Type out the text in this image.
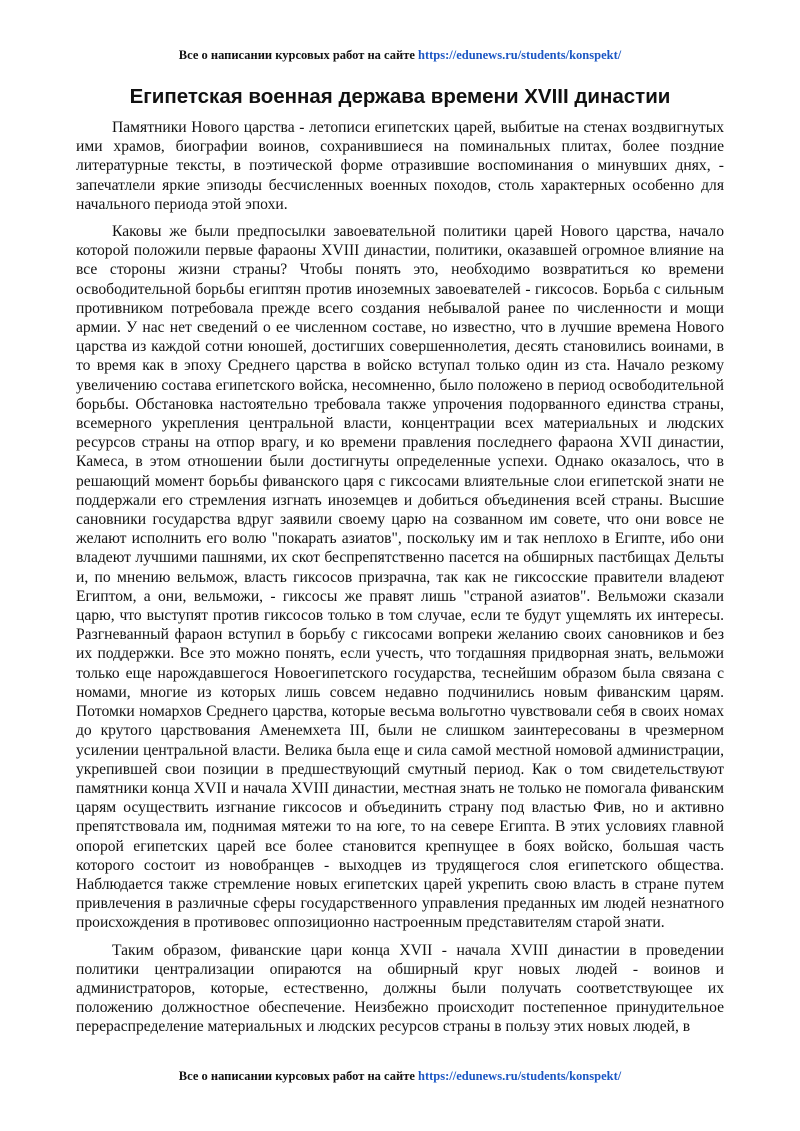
Все о написании курсовых работ на сайте https://edunews.ru/students/konspekt/
Египетская военная держава времени XVIII династии

Памятники Нового царства - летописи египетских царей, выбитые на стенах воздвигнутых ими храмов, биографии воинов, сохранившиеся на поминальных плитах, более поздние литературные тексты, в поэтической форме отразившие воспоминания о минувших днях, - запечатлели яркие эпизоды бесчисленных военных походов, столь характерных особенно для начального периода этой эпохи.

Каковы же были предпосылки завоевательной политики царей Нового царства, начало которой положили первые фараоны XVIII династии, политики, оказавшей огромное влияние на все стороны жизни страны? Чтобы понять это, необходимо возвратиться ко времени освободительной борьбы египтян против иноземных завоевателей - гиксосов. Борьба с сильным противником потребовала прежде всего создания небывалой ранее по численности и мощи армии. У нас нет сведений о ее численном составе, но известно, что в лучшие времена Нового царства из каждой сотни юношей, достигших совершеннолетия, десять становились воинами, в то время как в эпоху Среднего царства в войско вступал только один из ста. Начало резкому увеличению состава египетского войска, несомненно, было положено в период освободительной борьбы. Обстановка настоятельно требовала также упрочения подорванного единства страны, всемерного укрепления центральной власти, концентрации всех материальных и людских ресурсов страны на отпор врагу, и ко времени правления последнего фараона XVII династии, Камеса, в этом отношении были достигнуты определенные успехи. Однако оказалось, что в решающий момент борьбы фиванского царя с гиксосами влиятельные слои египетской знати не поддержали его стремления изгнать иноземцев и добиться объединения всей страны. Высшие сановники государства вдруг заявили своему царю на созванном им совете, что они вовсе не желают исполнить его волю "покарать азиатов", поскольку им и так неплохо в Египте, ибо они владеют лучшими пашнями, их скот беспрепятственно пасется на обширных пастбищах Дельты и, по мнению вельмож, власть гиксосов призрачна, так как не гиксосские правители владеют Египтом, а они, вельможи, - гиксосы же правят лишь "страной азиатов". Вельможи сказали царю, что выступят против гиксосов только в том случае, если те будут ущемлять их интересы. Разгневанный фараон вступил в борьбу с гиксосами вопреки желанию своих сановников и без их поддержки. Все это можно понять, если учесть, что тогдашняя придворная знать, вельможи только еще нарождавшегося Новоегипетского государства, теснейшим образом была связана с номами, многие из которых лишь совсем недавно подчинились новым фиванским царям. Потомки номархов Среднего царства, которые весьма вольготно чувствовали себя в своих номах до крутого царствования Аменемхета III, были не слишком заинтересованы в чрезмерном усилении центральной власти. Велика была еще и сила самой местной номовой администрации, укрепившей свои позиции в предшествующий смутный период. Как о том свидетельствуют памятники конца XVII и начала XVIII династии, местная знать не только не помогала фиванским царям осуществить изгнание гиксосов и объединить страну под властью Фив, но и активно препятствовала им, поднимая мятежи то на юге, то на севере Египта. В этих условиях главной опорой египетских царей все более становится крепнущее в боях войско, большая часть которого состоит из новобранцев - выходцев из трудящегося слоя египетского общества. Наблюдается также стремление новых египетских царей укрепить свою власть в стране путем привлечения в различные сферы государственного управления преданных им людей незнатного происхождения в противовес оппозиционно настроенным представителям старой знати.

Таким образом, фиванские цари конца XVII - начала XVIII династии в проведении политики централизации опираются на обширный круг новых людей - воинов и администраторов, которые, естественно, должны были получать соответствующее их положению должностное обеспечение. Неизбежно происходит постепенное принудительное перераспределение материальных и людских ресурсов страны в пользу этих новых людей, в

Все о написании курсовых работ на сайте https://edunews.ru/students/konspekt/
